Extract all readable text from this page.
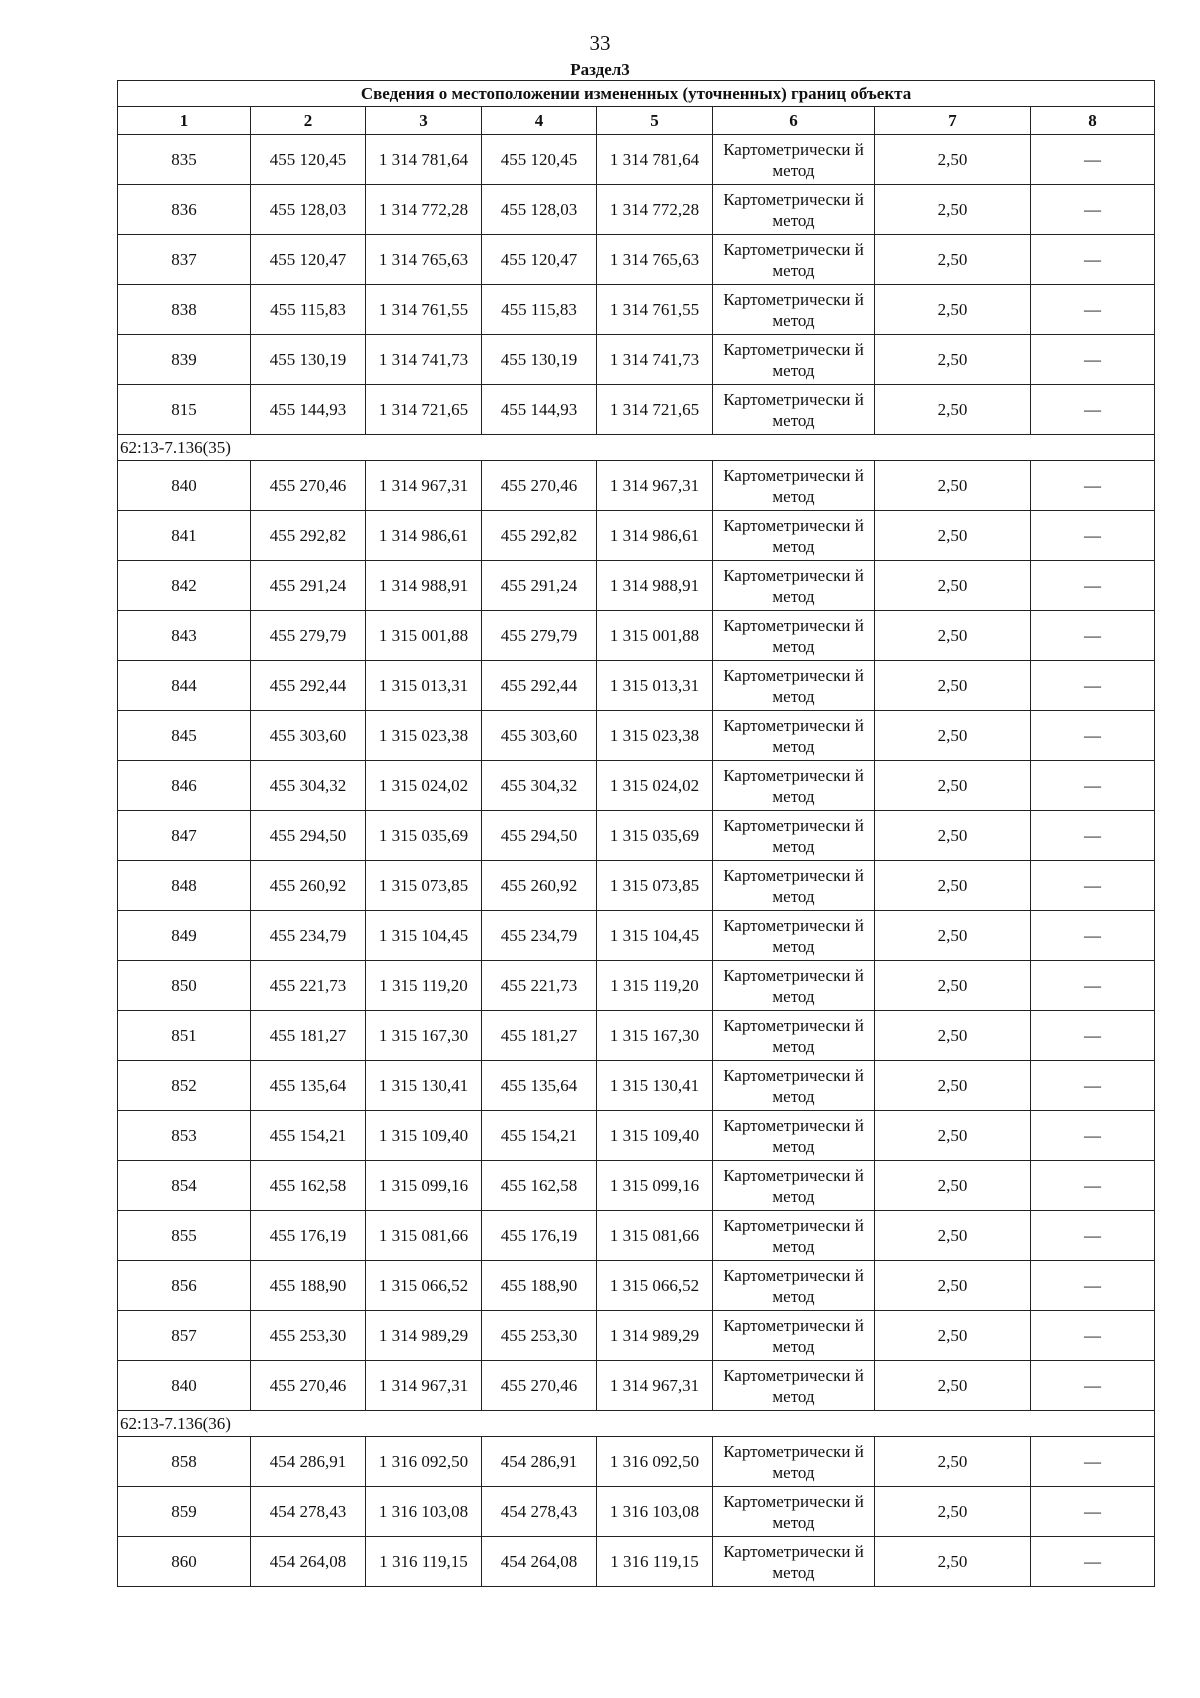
33
Раздел3
Сведения о местоположении измененных (уточненных) границ объекта							
1	2	3	4	5	6	7	8
835	455 120,45	1 314 781,64	455 120,45	1 314 781,64	Картометрически й метод	2,50	—
836	455 128,03	1 314 772,28	455 128,03	1 314 772,28	Картометрически й метод	2,50	—
837	455 120,47	1 314 765,63	455 120,47	1 314 765,63	Картометрически й метод	2,50	—
838	455 115,83	1 314 761,55	455 115,83	1 314 761,55	Картометрически й метод	2,50	—
839	455 130,19	1 314 741,73	455 130,19	1 314 741,73	Картометрически й метод	2,50	—
815	455 144,93	1 314 721,65	455 144,93	1 314 721,65	Картометрически й метод	2,50	—
62:13-7.136(35)							
840	455 270,46	1 314 967,31	455 270,46	1 314 967,31	Картометрически й метод	2,50	—
841	455 292,82	1 314 986,61	455 292,82	1 314 986,61	Картометрически й метод	2,50	—
842	455 291,24	1 314 988,91	455 291,24	1 314 988,91	Картометрически й метод	2,50	—
843	455 279,79	1 315 001,88	455 279,79	1 315 001,88	Картометрически й метод	2,50	—
844	455 292,44	1 315 013,31	455 292,44	1 315 013,31	Картометрически й метод	2,50	—
845	455 303,60	1 315 023,38	455 303,60	1 315 023,38	Картометрически й метод	2,50	—
846	455 304,32	1 315 024,02	455 304,32	1 315 024,02	Картометрически й метод	2,50	—
847	455 294,50	1 315 035,69	455 294,50	1 315 035,69	Картометрически й метод	2,50	—
848	455 260,92	1 315 073,85	455 260,92	1 315 073,85	Картометрически й метод	2,50	—
849	455 234,79	1 315 104,45	455 234,79	1 315 104,45	Картометрически й метод	2,50	—
850	455 221,73	1 315 119,20	455 221,73	1 315 119,20	Картометрически й метод	2,50	—
851	455 181,27	1 315 167,30	455 181,27	1 315 167,30	Картометрически й метод	2,50	—
852	455 135,64	1 315 130,41	455 135,64	1 315 130,41	Картометрически й метод	2,50	—
853	455 154,21	1 315 109,40	455 154,21	1 315 109,40	Картометрически й метод	2,50	—
854	455 162,58	1 315 099,16	455 162,58	1 315 099,16	Картометрически й метод	2,50	—
855	455 176,19	1 315 081,66	455 176,19	1 315 081,66	Картометрически й метод	2,50	—
856	455 188,90	1 315 066,52	455 188,90	1 315 066,52	Картометрически й метод	2,50	—
857	455 253,30	1 314 989,29	455 253,30	1 314 989,29	Картометрически й метод	2,50	—
840	455 270,46	1 314 967,31	455 270,46	1 314 967,31	Картометрически й метод	2,50	—
62:13-7.136(36)							
858	454 286,91	1 316 092,50	454 286,91	1 316 092,50	Картометрически й метод	2,50	—
859	454 278,43	1 316 103,08	454 278,43	1 316 103,08	Картометрически й метод	2,50	—
860	454 264,08	1 316 119,15	454 264,08	1 316 119,15	Картометрически й метод	2,50	—
